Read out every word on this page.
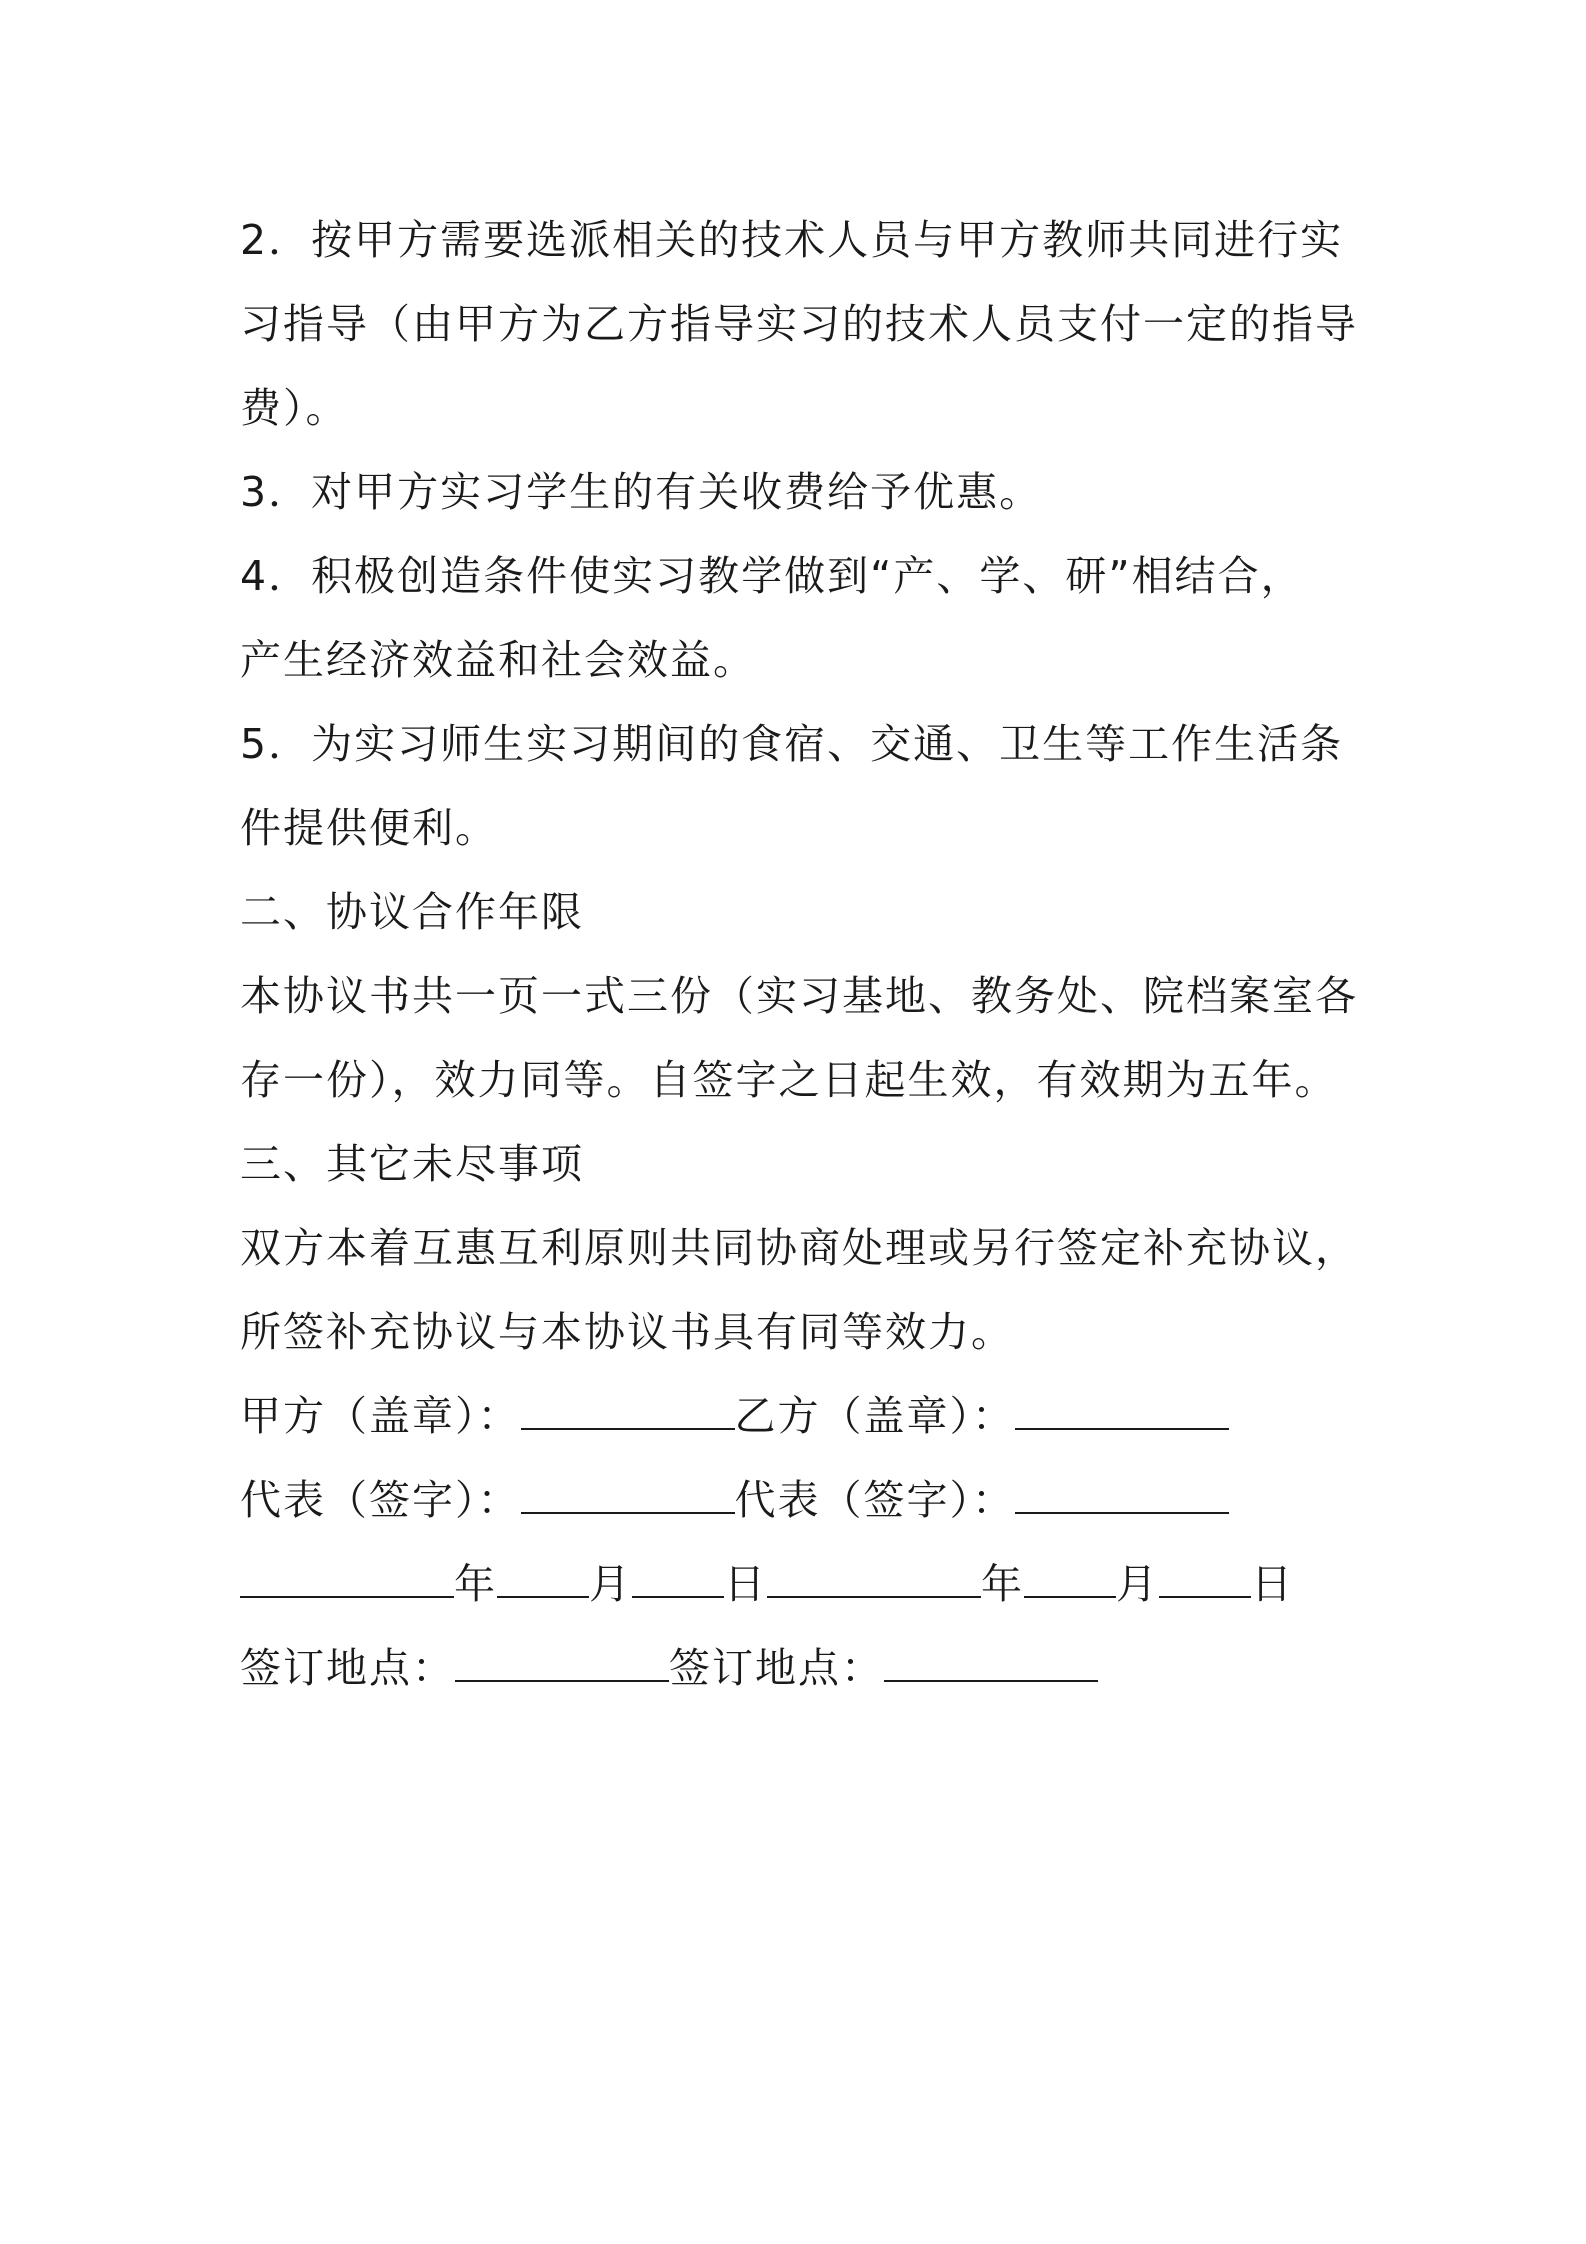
2．按甲方需要选派相关的技术人员与甲方教师共同进行实
习指导（由甲方为乙方指导实习的技术人员支付一定的指导
费）。
3．对甲方实习学生的有关收费给予优惠。
4．积极创造条件使实习教学做到“产、学、研”相结合，
产生经济效益和社会效益。
5．为实习师生实习期间的食宿、交通、卫生等工作生活条
件提供便利。
二、协议合作年限
本协议书共一页一式三份（实习基地、教务处、院档案室各
存一份），效力同等。自签字之日起生效，有效期为五年。
三、其它未尽事项
双方本着互惠互利原则共同协商处理或另行签定补充协议，
所签补充协议与本协议书具有同等效力。
甲方（盖章）：	乙方（盖章）：
代表（签字）：	代表（签字）：
年 月 日	年 月 日
签订地点：	签订地点：
